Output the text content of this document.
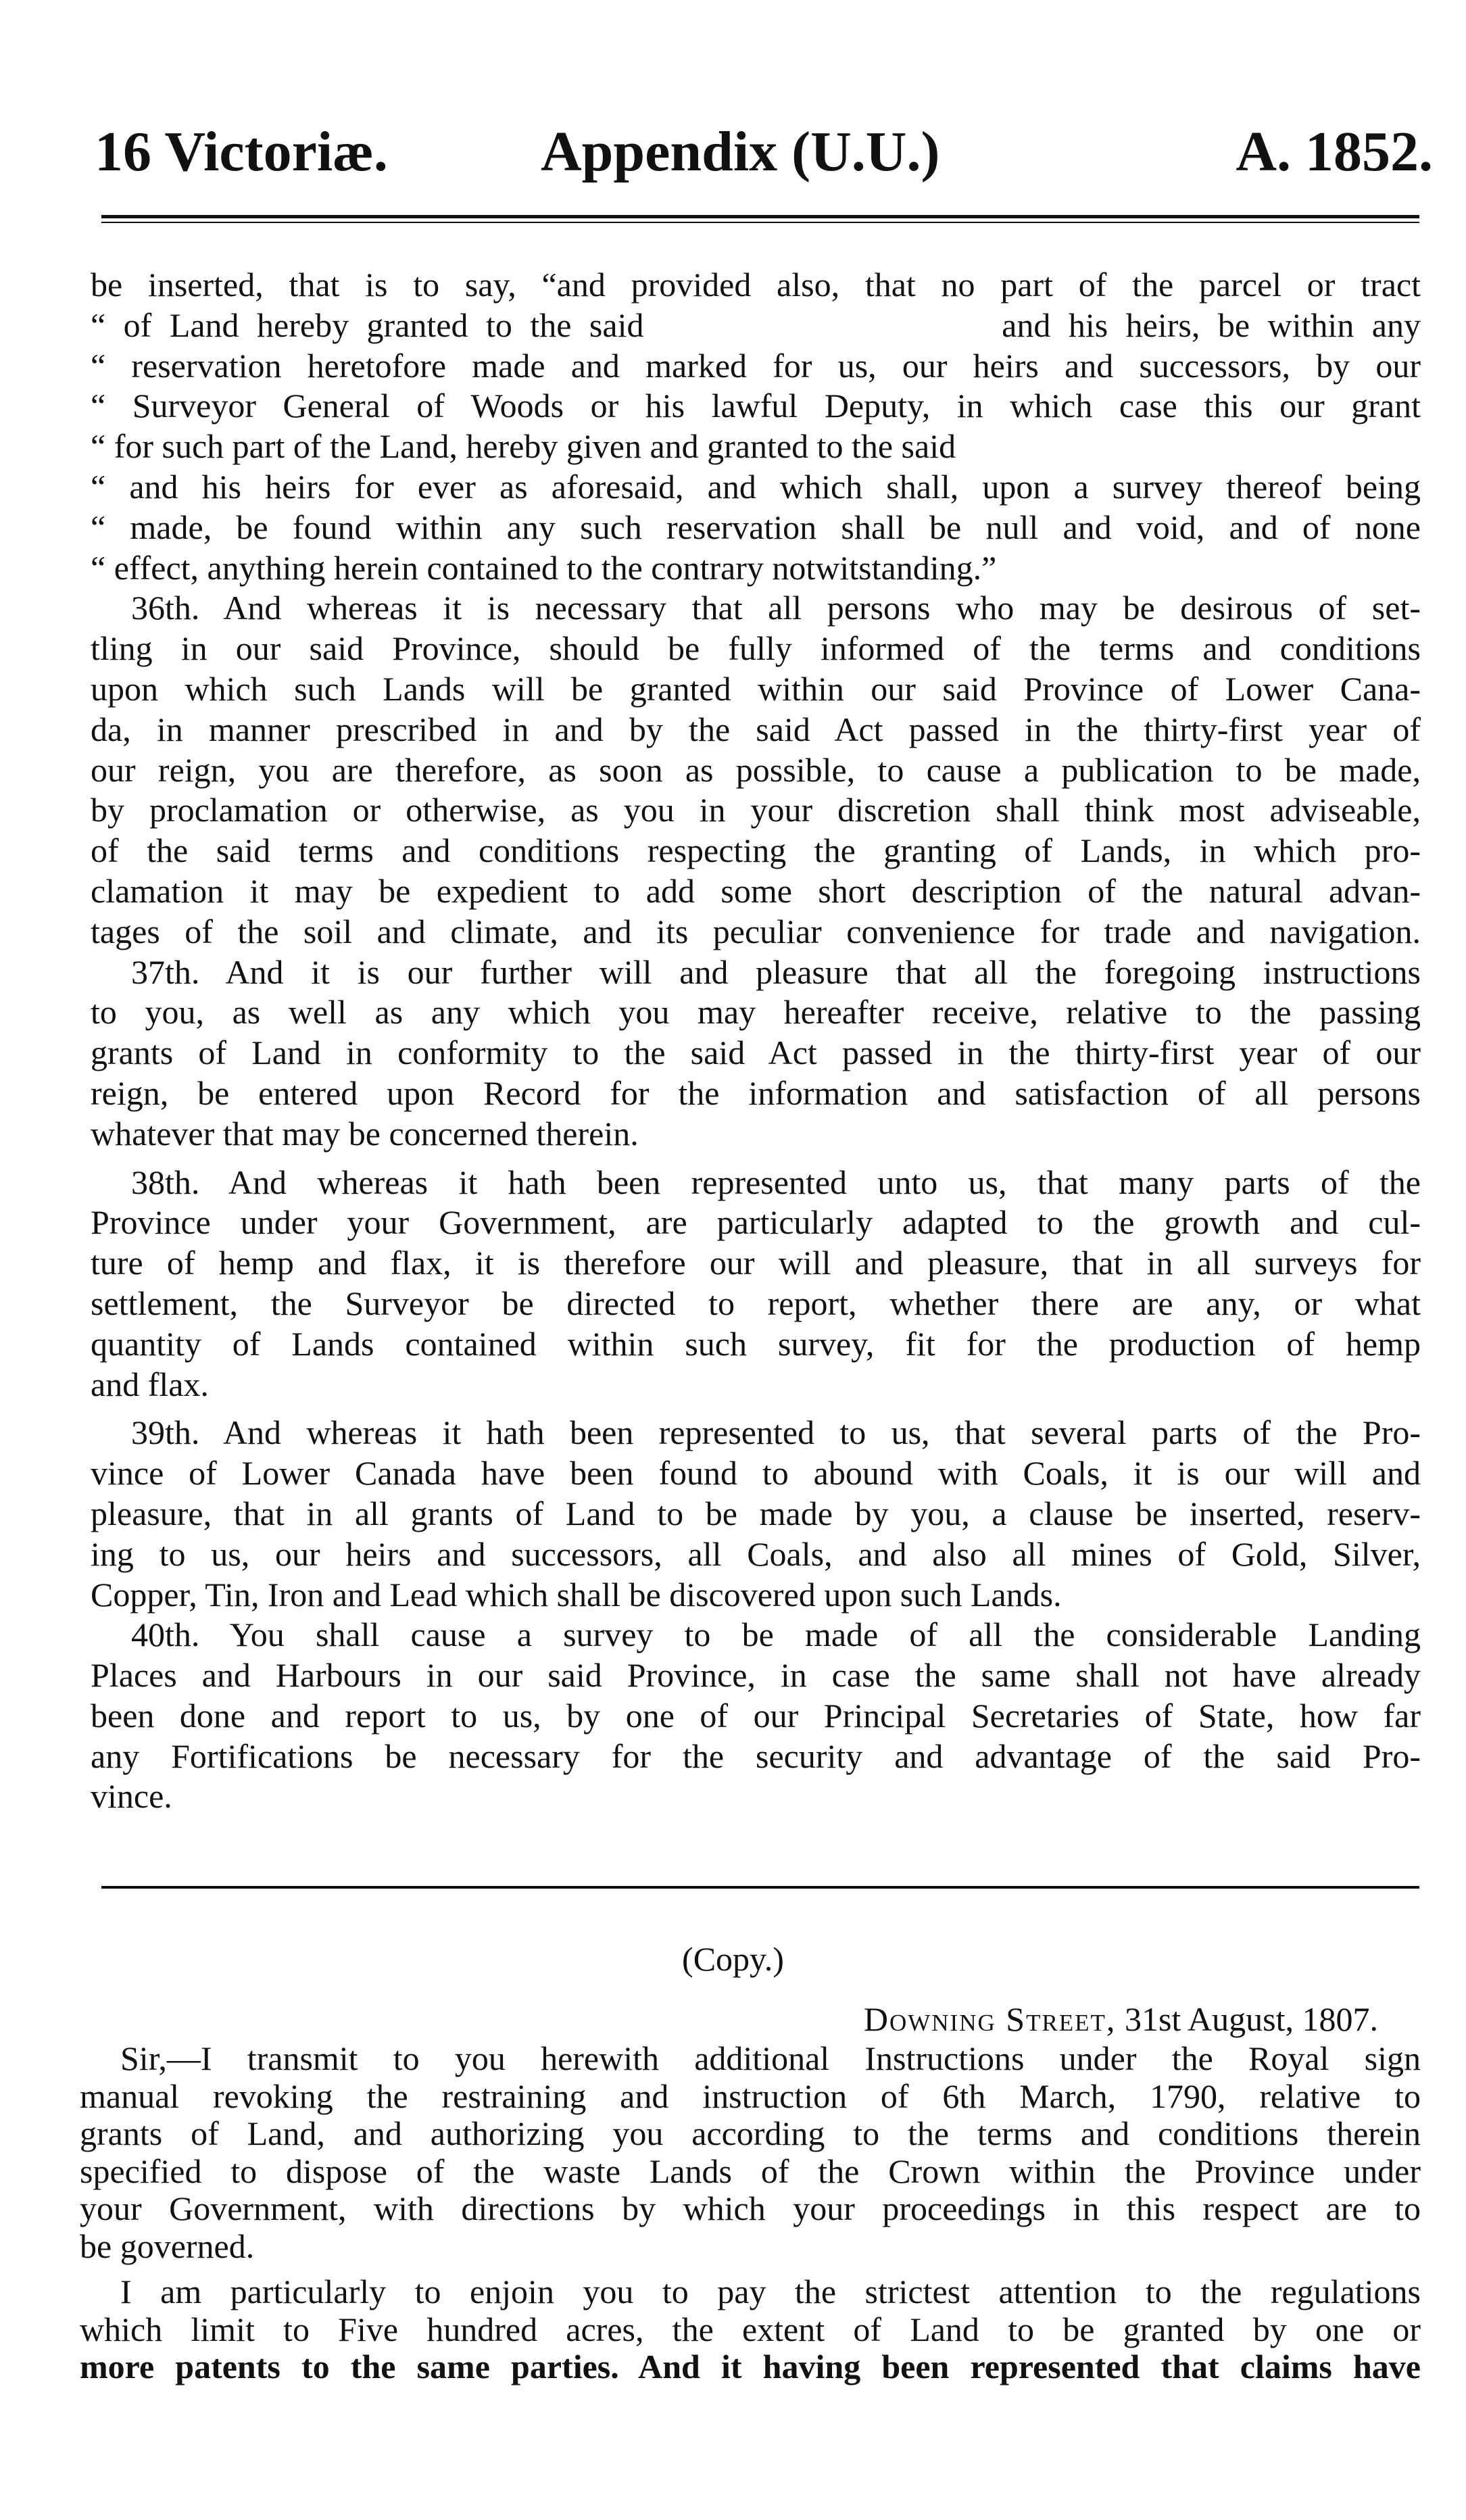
16 Victoriæ.	Appendix (U.U.)	A. 1852.
be inserted, that is to say, “and provided also, that no part of the parcel or tract
“ of Land hereby granted to the said                    and his heirs, be within any
“ reservation heretofore made and marked for us, our heirs and successors, by our
“ Surveyor General of Woods or his lawful Deputy, in which case this our grant
“ for such part of the Land, hereby given and granted to the said
“ and his heirs for ever as aforesaid, and which shall, upon a survey thereof being
“ made, be found within any such reservation shall be null and void, and of none
“ effect, anything herein contained to the contrary notwitstanding.”
36th. And whereas it is necessary that all persons who may be desirous of set-
tling in our said Province, should be fully informed of the terms and conditions
upon which such Lands will be granted within our said Province of Lower Cana-
da, in manner prescribed in and by the said Act passed in the thirty-first year of
our reign, you are therefore, as soon as possible, to cause a publication to be made,
by proclamation or otherwise, as you in your discretion shall think most adviseable,
of the said terms and conditions respecting the granting of Lands, in which pro-
clamation it may be expedient to add some short description of the natural advan-
tages of the soil and climate, and its peculiar convenience for trade and navigation.
37th. And it is our further will and pleasure that all the foregoing instructions
to you, as well as any which you may hereafter receive, relative to the passing
grants of Land in conformity to the said Act passed in the thirty-first year of our
reign, be entered upon Record for the information and satisfaction of all persons
whatever that may be concerned therein.
38th. And whereas it hath been represented unto us, that many parts of the
Province under your Government, are particularly adapted to the growth and cul-
ture of hemp and flax, it is therefore our will and pleasure, that in all surveys for
settlement, the Surveyor be directed to report, whether there are any, or what
quantity of Lands contained within such survey, fit for the production of hemp
and flax.
39th. And whereas it hath been represented to us, that several parts of the Pro-
vince of Lower Canada have been found to abound with Coals, it is our will and
pleasure, that in all grants of Land to be made by you, a clause be inserted, reserv-
ing to us, our heirs and successors, all Coals, and also all mines of Gold, Silver,
Copper, Tin, Iron and Lead which shall be discovered upon such Lands.
40th. You shall cause a survey to be made of all the considerable Landing
Places and Harbours in our said Province, in case the same shall not have already
been done and report to us, by one of our Principal Secretaries of State, how far
any Fortifications be necessary for the security and advantage of the said Pro-
vince.
(Copy.)
Downing Street, 31st August, 1807.
Sir,—I transmit to you herewith additional Instructions under the Royal sign
manual revoking the restraining and instruction of 6th March, 1790, relative to
grants of Land, and authorizing you according to the terms and conditions therein
specified to dispose of the waste Lands of the Crown within the Province under
your Government, with directions by which your proceedings in this respect are to
be governed.
I am particularly to enjoin you to pay the strictest attention to the regulations
which limit to Five hundred acres, the extent of Land to be granted by one or
more patents to the same parties. And it having been represented that claims have
